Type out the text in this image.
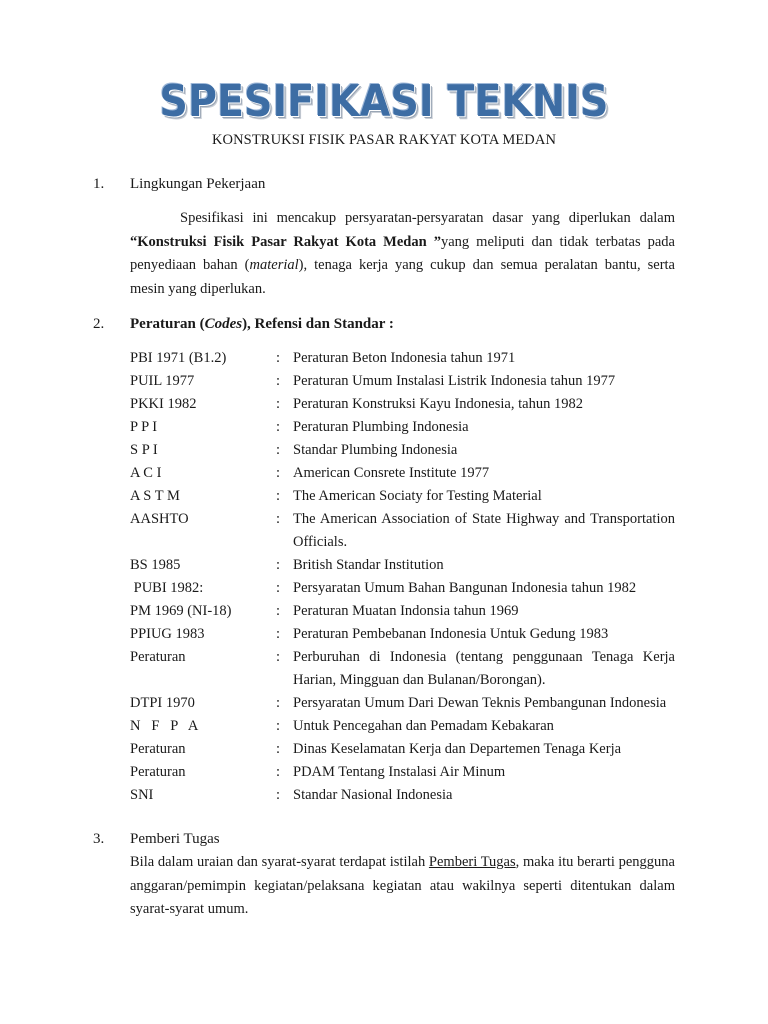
SPESIFIKASI TEKNIS
KONSTRUKSI FISIK PASAR RAKYAT KOTA MEDAN
1. Lingkungan Pekerjaan
Spesifikasi ini mencakup persyaratan-persyaratan dasar yang diperlukan dalam “Konstruksi Fisik Pasar Rakyat Kota Medan ”yang meliputi dan tidak terbatas pada penyediaan bahan (material), tenaga kerja yang cukup dan semua peralatan bantu, serta mesin yang diperlukan.
2. Peraturan (Codes), Refensi dan Standar :
PBI 1971 (B1.2)	: Peraturan Beton Indonesia tahun 1971
PUIL 1977	: Peraturan Umum Instalasi Listrik Indonesia tahun 1977
PKKI 1982	: Peraturan Konstruksi Kayu Indonesia, tahun 1982
P P I	: Peraturan Plumbing Indonesia
S P I	: Standar Plumbing Indonesia
A C I	: American Consrete Institute 1977
A S T M	: The American Sociaty for Testing Material
AASHTO	: The American Association of State Highway and Transportation Officials.
BS 1985	: British Standar Institution
PUBI 1982:	: Persyaratan Umum Bahan Bangunan Indonesia tahun 1982
PM 1969 (NI-18)	: Peraturan Muatan Indonsia tahun 1969
PPIUG 1983	: Peraturan Pembebanan Indonesia Untuk Gedung 1983
Peraturan	: Perburuhan di Indonesia (tentang penggunaan Tenaga Kerja Harian, Mingguan dan Bulanan/Borongan).
DTPI 1970	: Persyaratan Umum Dari Dewan Teknis Pembangunan Indonesia
N   F   P   A	: Untuk Pencegahan dan Pemadam Kebakaran
Peraturan	: Dinas Keselamatan Kerja dan Departemen Tenaga Kerja
Peraturan	: PDAM Tentang Instalasi Air Minum
SNI	: Standar Nasional Indonesia
3. Pemberi Tugas
Bila dalam uraian dan syarat-syarat terdapat istilah Pemberi Tugas, maka itu berarti pengguna anggaran/pemimpin kegiatan/pelaksana kegiatan atau wakilnya seperti ditentukan dalam syarat-syarat umum.
